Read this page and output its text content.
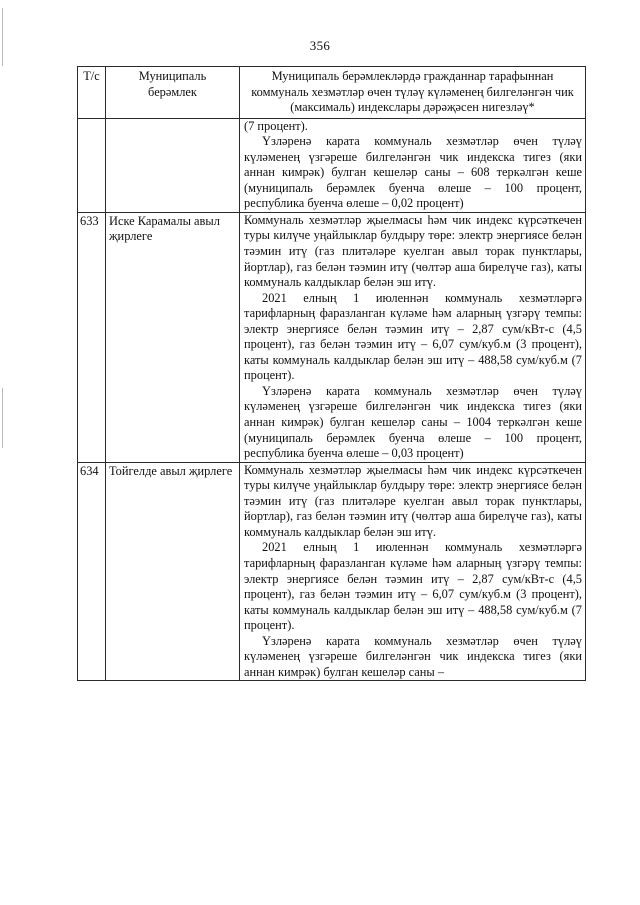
356
Т/с	Муниципаль берәмлек	Муниципаль берәмлекләрдә гражданнар тарафыннан коммуналь хезмәтләр өчен түләү күләменең билгеләнгән чик (максималь) индекслары дәрәҗәсен нигезләү*

		(7 процент).

Үзләренә карата коммуналь хезмәтләр өчен түләү күләменең үзгәреше билгеләнгән чик индекска тигез (яки аннан кимрәк) булган кешеләр саны – 608 теркәлгән кеше (муниципаль берәмлек буенча өлеше – 100 процент, республика буенча өлеше – 0,02 процент)

633	Иске Карамалы авыл җирлеге	Коммуналь хезмәтләр җыелмасы һәм чик индекс күрсәткечен туры килүче уңайлыклар булдыру төре: электр энергиясе белән тәэмин итү (газ плитәләре куелган авыл торак пунктлары, йортлар), газ белән тәэмин итү (чөлтәр аша бирелүче газ), каты коммуналь калдыклар белән эш итү.

2021 елның 1 июленнән коммуналь хезмәтләргә тарифларның фаразланган күләме һәм аларның үзгәрү темпы: электр энергиясе белән тәэмин итү – 2,87 сум/кВт-с (4,5 процент), газ белән тәэмин итү – 6,07 сум/куб.м (3 процент), каты коммуналь калдыклар белән эш итү – 488,58 сум/куб.м (7 процент).

Үзләренә карата коммуналь хезмәтләр өчен түләү күләменең үзгәреше билгеләнгән чик индекска тигез (яки аннан кимрәк) булган кешеләр саны – 1004 теркәлгән кеше (муниципаль берәмлек буенча өлеше – 100 процент, республика буенча өлеше – 0,03 процент)

634	Тойгелде авыл җирлеге	Коммуналь хезмәтләр җыелмасы һәм чик индекс күрсәткечен туры килүче уңайлыклар булдыру төре: электр энергиясе белән тәэмин итү (газ плитәләре куелган авыл торак пунктлары, йортлар), газ белән тәэмин итү (чөлтәр аша бирелүче газ), каты коммуналь калдыклар белән эш итү.

2021 елның 1 июленнән коммуналь хезмәтләргә тарифларның фаразланган күләме һәм аларның үзгәрү темпы: электр энергиясе белән тәэмин итү – 2,87 сум/кВт-с (4,5 процент), газ белән тәэмин итү – 6,07 сум/куб.м (3 процент), каты коммуналь калдыклар белән эш итү – 488,58 сум/куб.м (7 процент).

Үзләренә карата коммуналь хезмәтләр өчен түләү күләменең үзгәреше билгеләнгән чик индекска тигез (яки аннан кимрәк) булган кешеләр саны –
